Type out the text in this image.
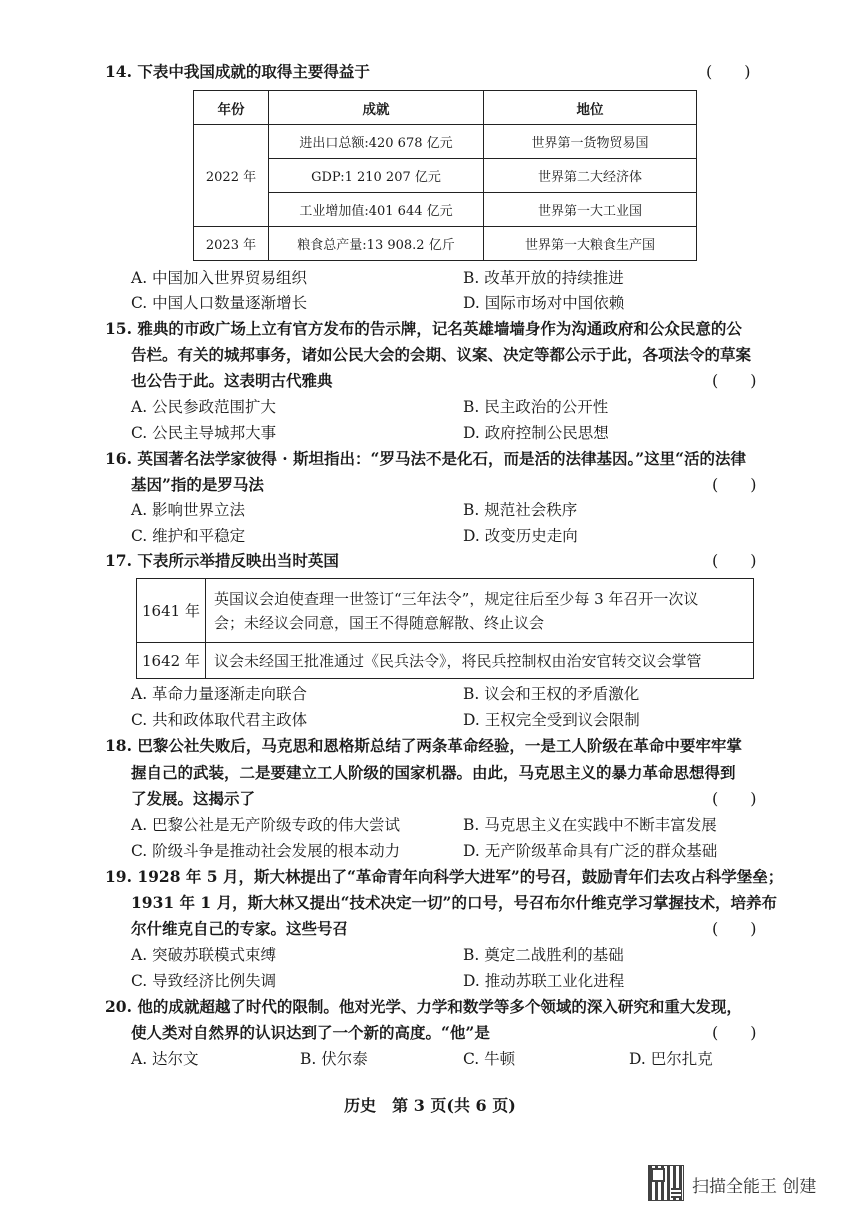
14. 下表中我国成就的取得主要得益于	(　　)
年份	成就	地位
2022 年	进出口总额:420 678 亿元	世界第一货物贸易国
	GDP:1 210 207 亿元	世界第二大经济体
	工业增加值:401 644 亿元	世界第一大工业国
2023 年	粮食总产量:13 908.2 亿斤	世界第一大粮食生产国
A. 中国加入世界贸易组织	B. 改革开放的持续推进
C. 中国人口数量逐渐增长	D. 国际市场对中国依赖
15. 雅典的市政广场上立有官方发布的告示牌，记名英雄墙墙身作为沟通政府和公众民意的公
告栏。有关的城邦事务，诸如公民大会的会期、议案、决定等都公示于此，各项法令的草案
也公告于此。这表明古代雅典	(　　)
A. 公民参政范围扩大	B. 民主政治的公开性
C. 公民主导城邦大事	D. 政府控制公民思想
16. 英国著名法学家彼得 · 斯坦指出：“罗马法不是化石，而是活的法律基因。”这里“活的法律
基因”指的是罗马法	(　　)
A. 影响世界立法	B. 规范社会秩序
C. 维护和平稳定	D. 改变历史走向
17. 下表所示举措反映出当时英国	(　　)
1641 年	英国议会迫使查理一世签订“三年法令”，规定往后至少每 3 年召开一次议
会；未经议会同意，国王不得随意解散、终止议会

1642 年	议会未经国王批准通过《民兵法令》，将民兵控制权由治安官转交议会掌管
A. 革命力量逐渐走向联合	B. 议会和王权的矛盾激化
C. 共和政体取代君主政体	D. 王权完全受到议会限制
18. 巴黎公社失败后，马克思和恩格斯总结了两条革命经验，一是工人阶级在革命中要牢牢掌
握自己的武装，二是要建立工人阶级的国家机器。由此，马克思主义的暴力革命思想得到
了发展。这揭示了	(　　)
A. 巴黎公社是无产阶级专政的伟大尝试	B. 马克思主义在实践中不断丰富发展
C. 阶级斗争是推动社会发展的根本动力	D. 无产阶级革命具有广泛的群众基础
19. 1928 年 5 月，斯大林提出了“革命青年向科学大进军”的号召，鼓励青年们去攻占科学堡垒；
1931 年 1 月，斯大林又提出“技术决定一切”的口号，号召布尔什维克学习掌握技术，培养布
尔什维克自己的专家。这些号召	(　　)
A. 突破苏联模式束缚	B. 奠定二战胜利的基础
C. 导致经济比例失调	D. 推动苏联工业化进程
20. 他的成就超越了时代的限制。他对光学、力学和数学等多个领域的深入研究和重大发现，
使人类对自然界的认识达到了一个新的高度。“他”是	(　　)
A. 达尔文	B. 伏尔泰	C. 牛顿	D. 巴尔扎克
历史　第 3 页(共 6 页)
扫描全能王 创建
